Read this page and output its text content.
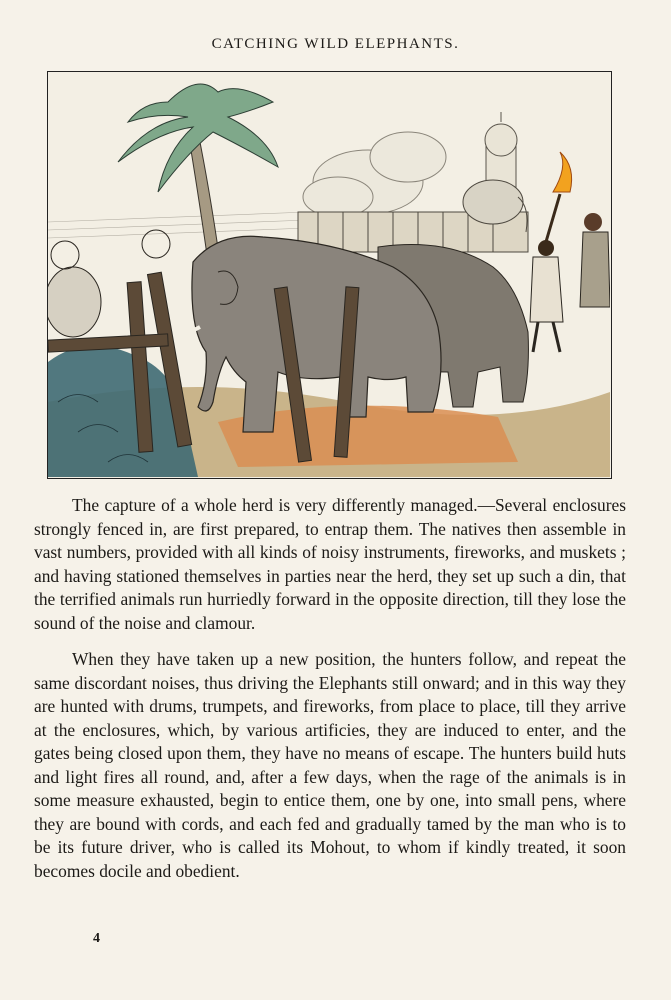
CATCHING WILD ELEPHANTS.

The capture of a whole herd is very differently managed.—Several enclosures strongly fenced in, are first prepared, to entrap them. The natives then assemble in vast numbers, provided with all kinds of noisy instruments, fireworks, and muskets ; and having stationed themselves in parties near the herd, they set up such a din, that the terrified animals run hurriedly forward in the opposite direction, till they lose the sound of the noise and clamour.

When they have taken up a new position, the hunters follow, and repeat the same discordant noises, thus driving the Elephants still onward; and in this way they are hunted with drums, trumpets, and fireworks, from place to place, till they arrive at the enclosures, which, by various artificies, they are induced to enter, and the gates being closed upon them, they have no means of escape. The hunters build huts and light fires all round, and, after a few days, when the rage of the animals is in some measure exhausted, begin to entice them, one by one, into small pens, where they are bound with cords, and each fed and gradually tamed by the man who is to be its future driver, who is called its Mohout, to whom if kindly treated, it soon becomes docile and obedient.

4
